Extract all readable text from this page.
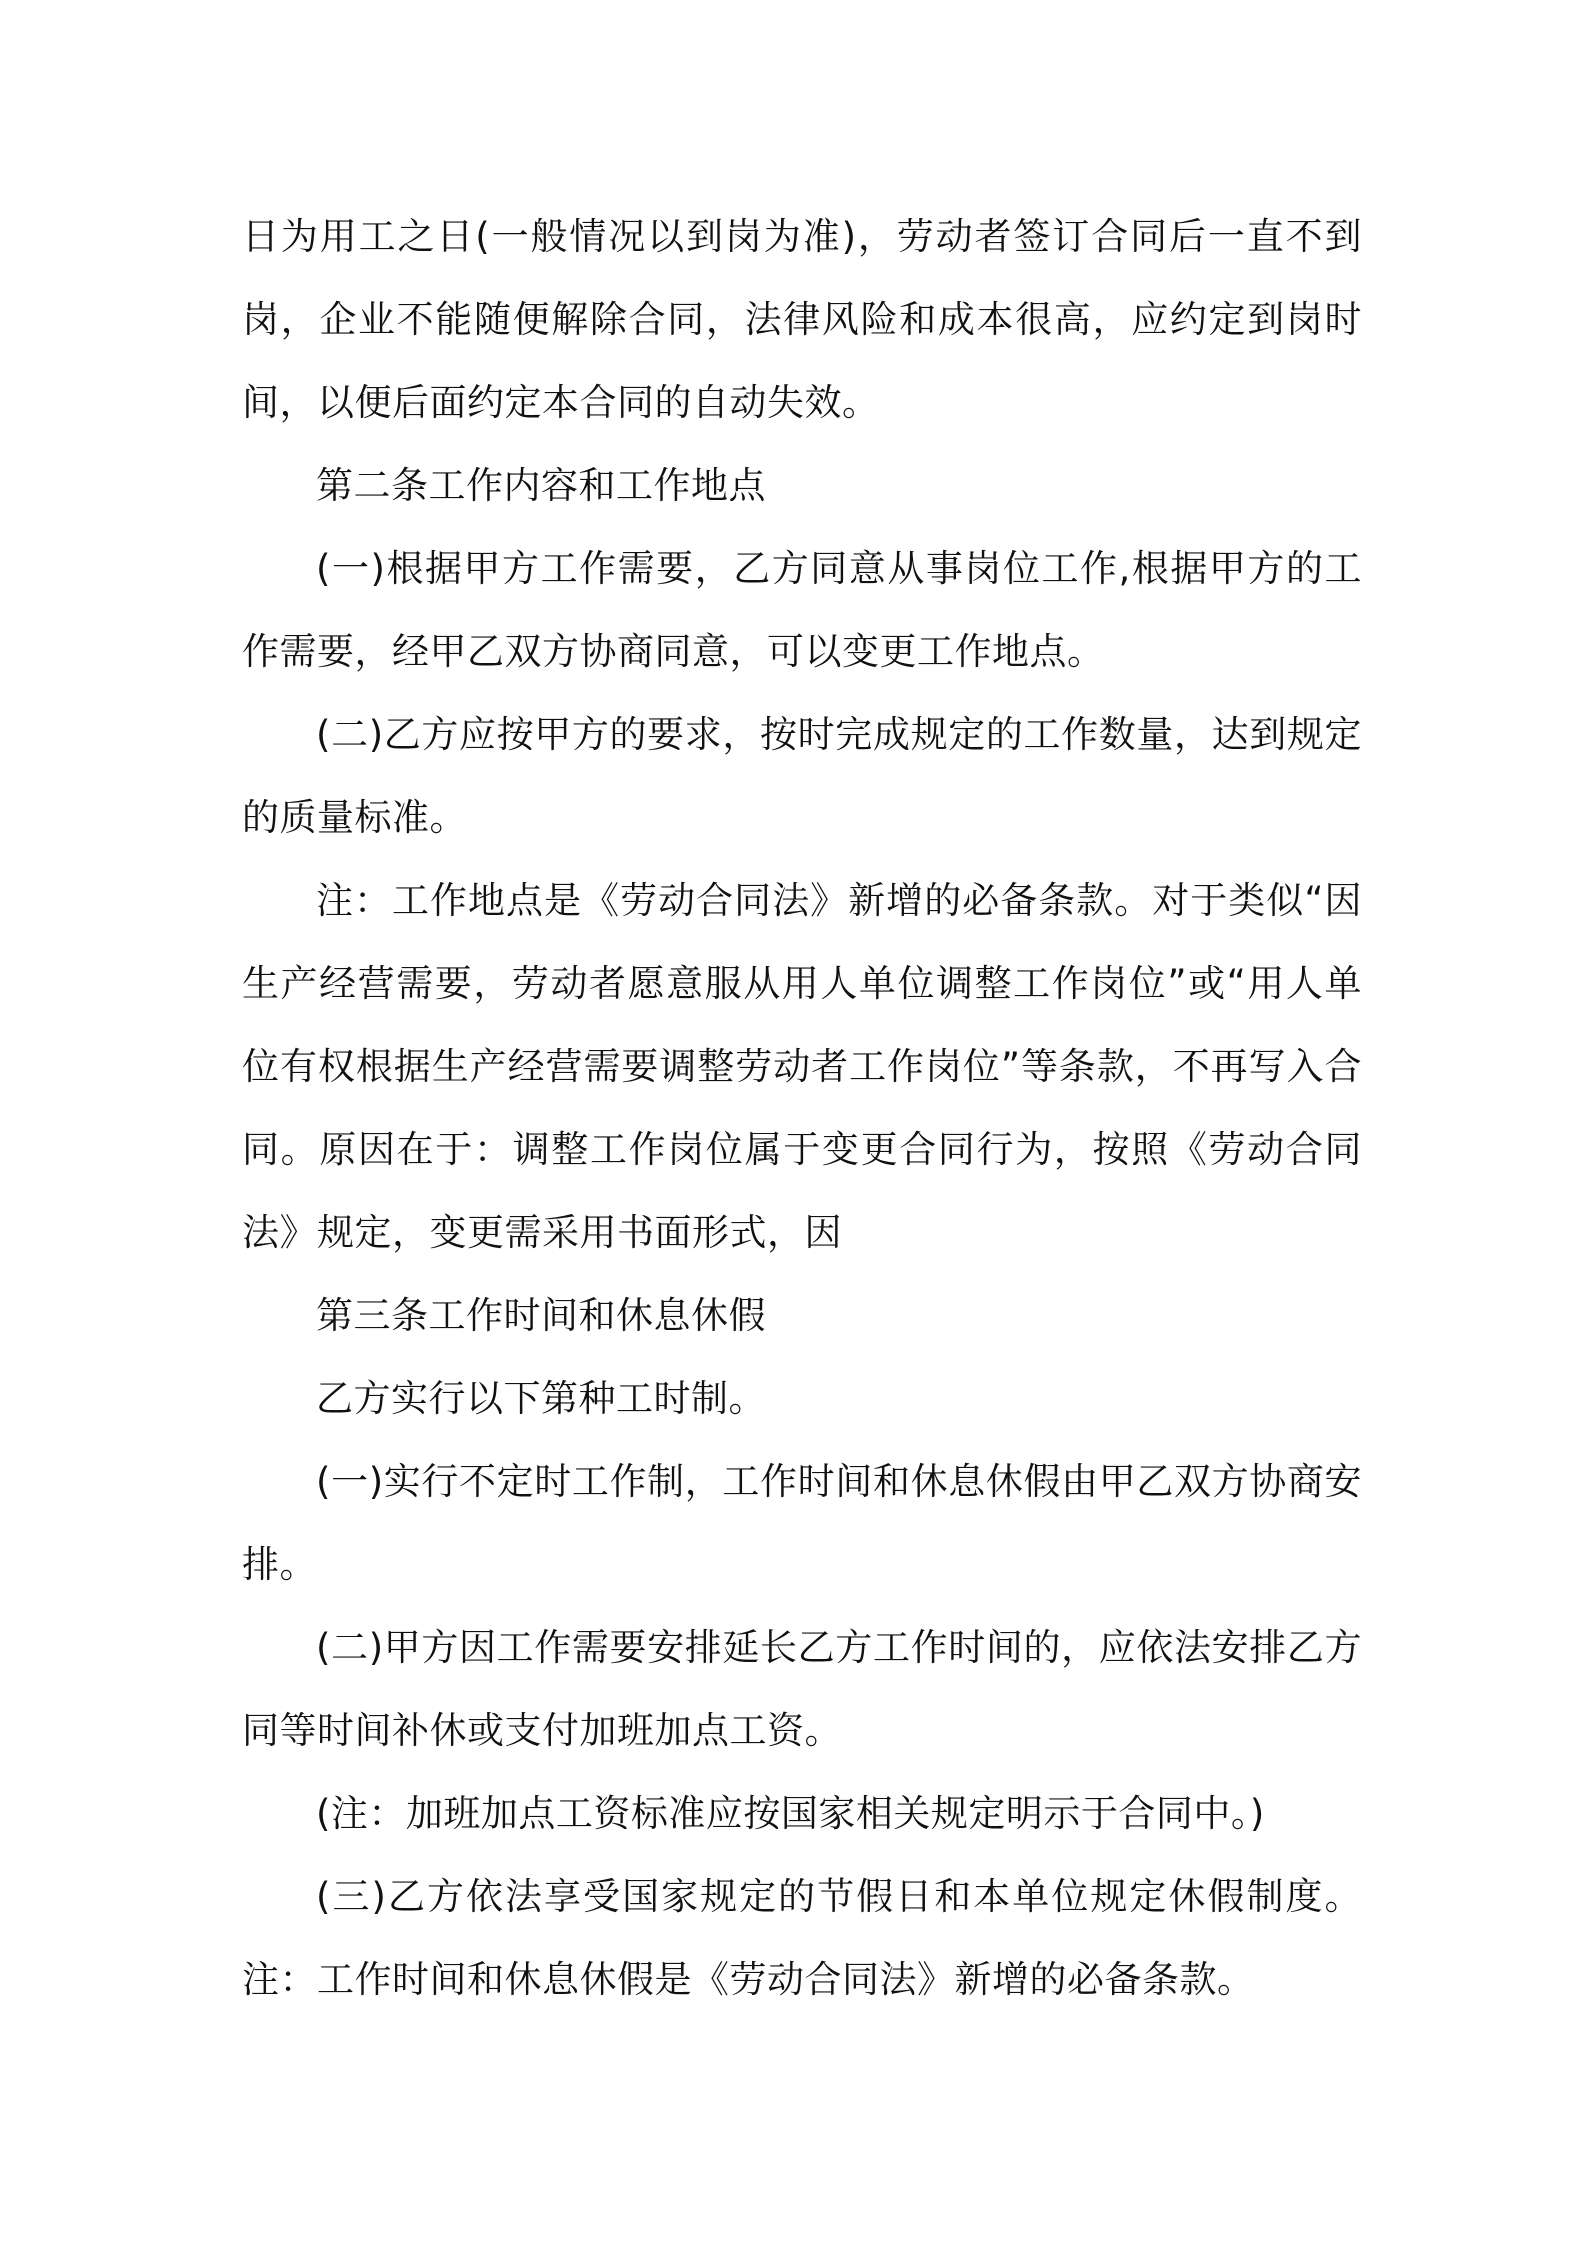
日为用工之日(一般情况以到岗为准)，劳动者签订合同后一直不到岗，企业不能随便解除合同，法律风险和成本很高，应约定到岗时间，以便后面约定本合同的自动失效。

第二条工作内容和工作地点

(一)根据甲方工作需要，乙方同意从事岗位工作,根据甲方的工作需要，经甲乙双方协商同意，可以变更工作地点。

(二)乙方应按甲方的要求，按时完成规定的工作数量，达到规定的质量标准。

注：工作地点是《劳动合同法》新增的必备条款。对于类似“因生产经营需要，劳动者愿意服从用人单位调整工作岗位”或“用人单位有权根据生产经营需要调整劳动者工作岗位”等条款，不再写入合同。原因在于：调整工作岗位属于变更合同行为，按照《劳动合同法》规定，变更需采用书面形式，因

第三条工作时间和休息休假

乙方实行以下第种工时制。

(一)实行不定时工作制，工作时间和休息休假由甲乙双方协商安排。

(二)甲方因工作需要安排延长乙方工作时间的，应依法安排乙方同等时间补休或支付加班加点工资。

(注：加班加点工资标准应按国家相关规定明示于合同中。)

(三)乙方依法享受国家规定的节假日和本单位规定休假制度。注：工作时间和休息休假是《劳动合同法》新增的必备条款。
